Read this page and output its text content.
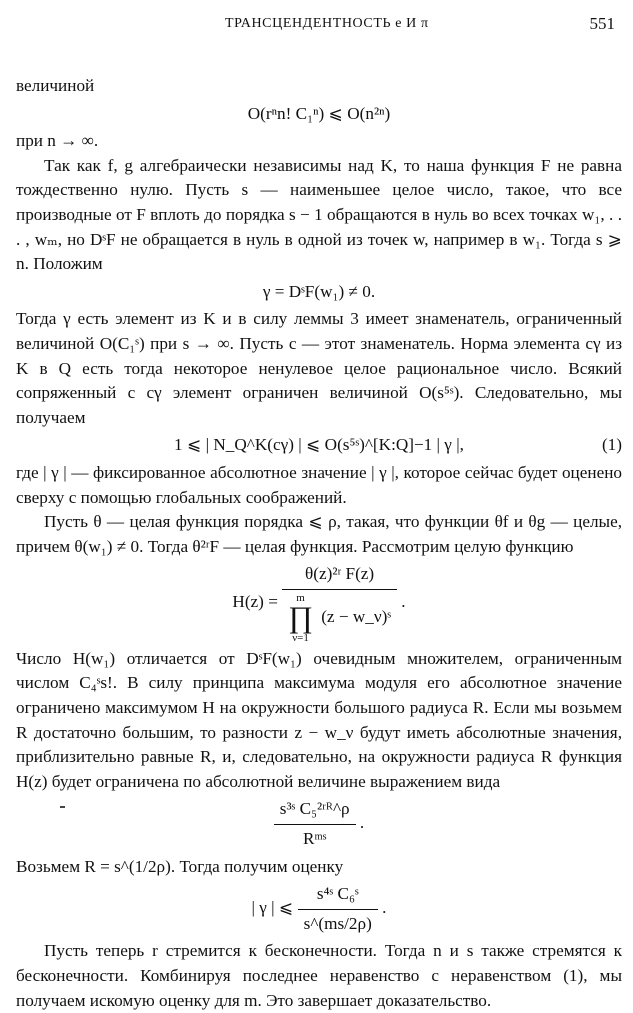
ТРАНСЦЕНДЕНТНОСТЬ e И π	551

величиной

O(rⁿn! C₁ⁿ) ⩽ O(n²ⁿ)

при n → ∞.

Так как f, g алгебраически независимы над K, то наша функция F не равна тождественно нулю. Пусть s — наименьшее целое число, такое, что все производные от F вплоть до порядка s − 1 обращаются в нуль во всех точках w₁, . . . , wₘ, но DˢF не обращается в нуль в одной из точек w, например в w₁. Тогда s ⩾ n. Положим

γ = DˢF(w₁) ≠ 0.

Тогда γ есть элемент из K и в силу леммы 3 имеет знаменатель, ограниченный величиной O(C₁ˢ) при s → ∞. Пусть c — этот знаменатель. Норма элемента cγ из K в Q есть тогда некоторое ненулевое целое рациональное число. Всякий сопряженный с cγ элемент ограничен величиной O(s⁵ˢ). Следовательно, мы получаем

1 ⩽ | N_Q^K(cγ) | ⩽ O(s⁵ˢ)^[K:Q]−1 | γ |,	(1)

где | γ | — фиксированное абсолютное значение | γ |, которое сейчас будет оценено сверху с помощью глобальных соображений.

Пусть θ — целая функция порядка ⩽ ρ, такая, что функции θf и θg — целые, причем θ(w₁) ≠ 0. Тогда θ²ʳF — целая функция. Рассмотрим целую функцию

H(z) =
θ(z)²ʳ F(z)
m
∏
ν=1
(z − w_ν)ˢ
.

Число H(w₁) отличается от DˢF(w₁) очевидным множителем, ограниченным числом C₄ˢs!. В силу принципа максимума модуля его абсолютное значение ограничено максимумом H на окружности большого радиуса R. Если мы возьмем R достаточно большим, то разности z − w_ν будут иметь абсолютные значения, приблизительно равные R, и, следовательно, на окружности радиуса R функция H(z) будет ограничена по абсолютной величине выражением вида

$\frac{\text{s³ˢ C₅²ʳᴿ\textasciicircum{}ρ}}{\text{Rᵐˢ}}$ .

Возьмем R = s^(1/2ρ). Тогда получим оценку

| γ | ⩽ $\frac{\text{s⁴ˢ C₆ˢ}}{s\^{}(ms/2\rho)}$ .

Пусть теперь r стремится к бесконечности. Тогда n и s также стремятся к бесконечности. Комбинируя последнее неравенство с неравенством (1), мы получаем искомую оценку для m. Это завершает доказательство.
